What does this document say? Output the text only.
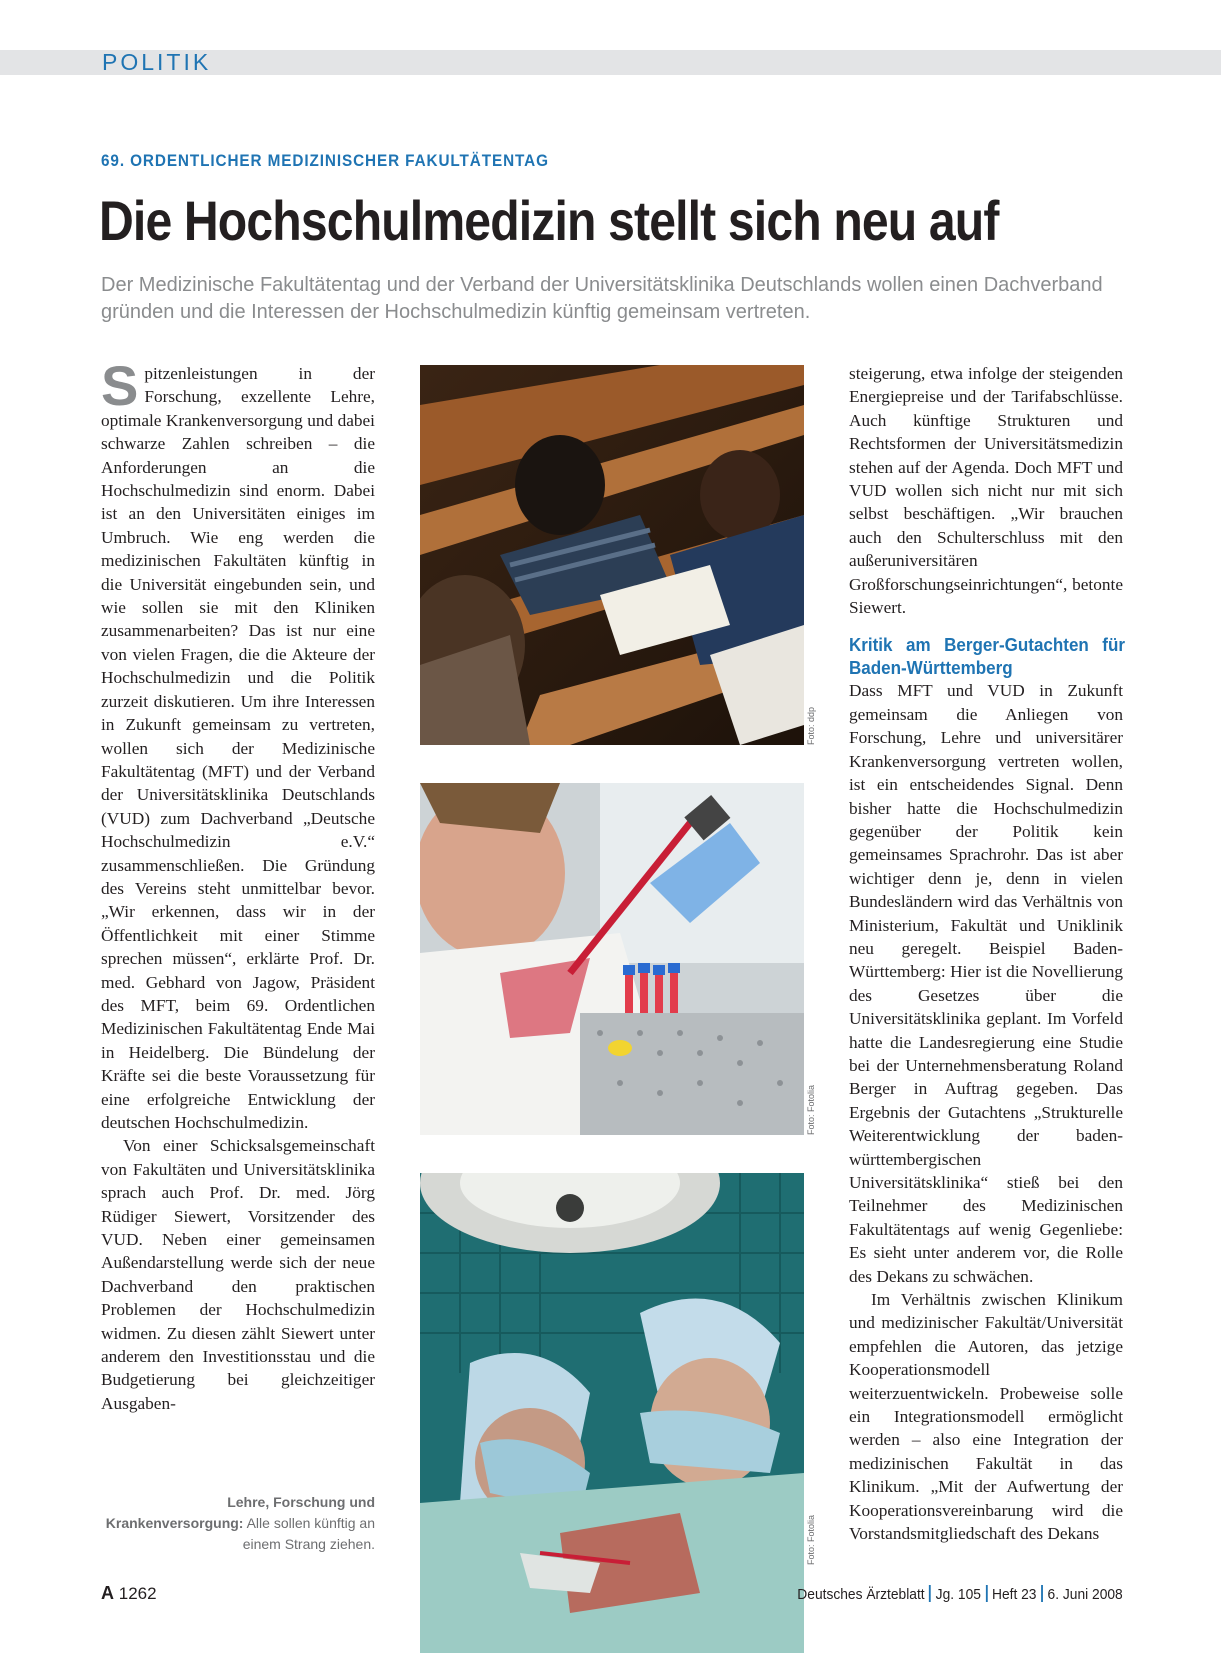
POLITIK
69. ORDENTLICHER MEDIZINISCHER FAKULTÄTENTAG
Die Hochschulmedizin stellt sich neu auf

Der Medizinische Fakultätentag und der Verband der Universitätsklinika Deutschlands wollen einen Dachverband gründen und die Interessen der Hochschulmedizin künftig gemeinsam vertreten.

Spitzenleistungen in der Forschung, exzellente Lehre, optimale Krankenversorgung und dabei schwarze Zahlen schreiben – die Anforderungen an die Hochschulmedizin sind enorm. Dabei ist an den Universitäten einiges im Umbruch. Wie eng werden die medizinischen Fakultäten künftig in die Universität eingebunden sein, und wie sollen sie mit den Kliniken zusammenarbeiten? Das ist nur eine von vielen Fragen, die die Akteure der Hochschulmedizin und die Politik zurzeit diskutieren. Um ihre Interessen in Zukunft gemeinsam zu vertreten, wollen sich der Medizinische Fakultätentag (MFT) und der Verband der Universitätsklinika Deutschlands (VUD) zum Dachverband „Deutsche Hochschulmedizin e.V.“ zusammenschließen. Die Gründung des Vereins steht unmittelbar bevor. „Wir erkennen, dass wir in der Öffentlichkeit mit einer Stimme sprechen müssen“, erklärte Prof. Dr. med. Gebhard von Jagow, Präsident des MFT, beim 69. Ordentlichen Medizinischen Fakultätentag Ende Mai in Heidelberg. Die Bündelung der Kräfte sei die beste Voraussetzung für eine erfolgreiche Entwicklung der deutschen Hochschulmedizin.

Von einer Schicksalsgemeinschaft von Fakultäten und Universitätsklinika sprach auch Prof. Dr. med. Jörg Rüdiger Siewert, Vorsitzender des VUD. Neben einer gemeinsamen Außendarstellung werde sich der neue Dachverband den praktischen Problemen der Hochschulmedizin widmen. Zu diesen zählt Siewert unter anderem den Investitionsstau und die Budgetierung bei gleichzeitiger Ausgaben-

Lehre, Forschung und Krankenversorgung: Alle sollen künftig an einem Strang ziehen.
Foto: ddp
Foto: Fotolia
Foto: Fotolia

steigerung, etwa infolge der steigenden Energiepreise und der Tarifabschlüsse. Auch künftige Strukturen und Rechtsformen der Universitätsmedizin stehen auf der Agenda. Doch MFT und VUD wollen sich nicht nur mit sich selbst beschäftigen. „Wir brauchen auch den Schulterschluss mit den außeruniversitären Großforschungseinrichtungen“, betonte Siewert.

Kritik am Berger-Gutachten für Baden-Württemberg

Dass MFT und VUD in Zukunft gemeinsam die Anliegen von Forschung, Lehre und universitärer Krankenversorgung vertreten wollen, ist ein entscheidendes Signal. Denn bisher hatte die Hochschulmedizin gegenüber der Politik kein gemeinsames Sprachrohr. Das ist aber wichtiger denn je, denn in vielen Bundesländern wird das Verhältnis von Ministerium, Fakultät und Uniklinik neu geregelt. Beispiel Baden-Württemberg: Hier ist die Novellierung des Gesetzes über die Universitätsklinika geplant. Im Vorfeld hatte die Landesregierung eine Studie bei der Unternehmensberatung Roland Berger in Auftrag gegeben. Das Ergebnis der Gutachtens „Strukturelle Weiterentwicklung der baden-württembergischen Universitätsklinika“ stieß bei den Teilnehmer des Medizinischen Fakultätentags auf wenig Gegenliebe: Es sieht unter anderem vor, die Rolle des Dekans zu schwächen.

Im Verhältnis zwischen Klinikum und medizinischer Fakultät/Universität empfehlen die Autoren, das jetzige Kooperationsmodell weiterzuentwickeln. Probeweise solle ein Integrationsmodell ermöglicht werden – also eine Integration der medizinischen Fakultät in das Klinikum. „Mit der Aufwertung der Kooperationsvereinbarung wird die Vorstandsmitgliedschaft des Dekans

A 1262	Deutsches Ärzteblatt Jg. 105 Heft 23 6. Juni 2008
